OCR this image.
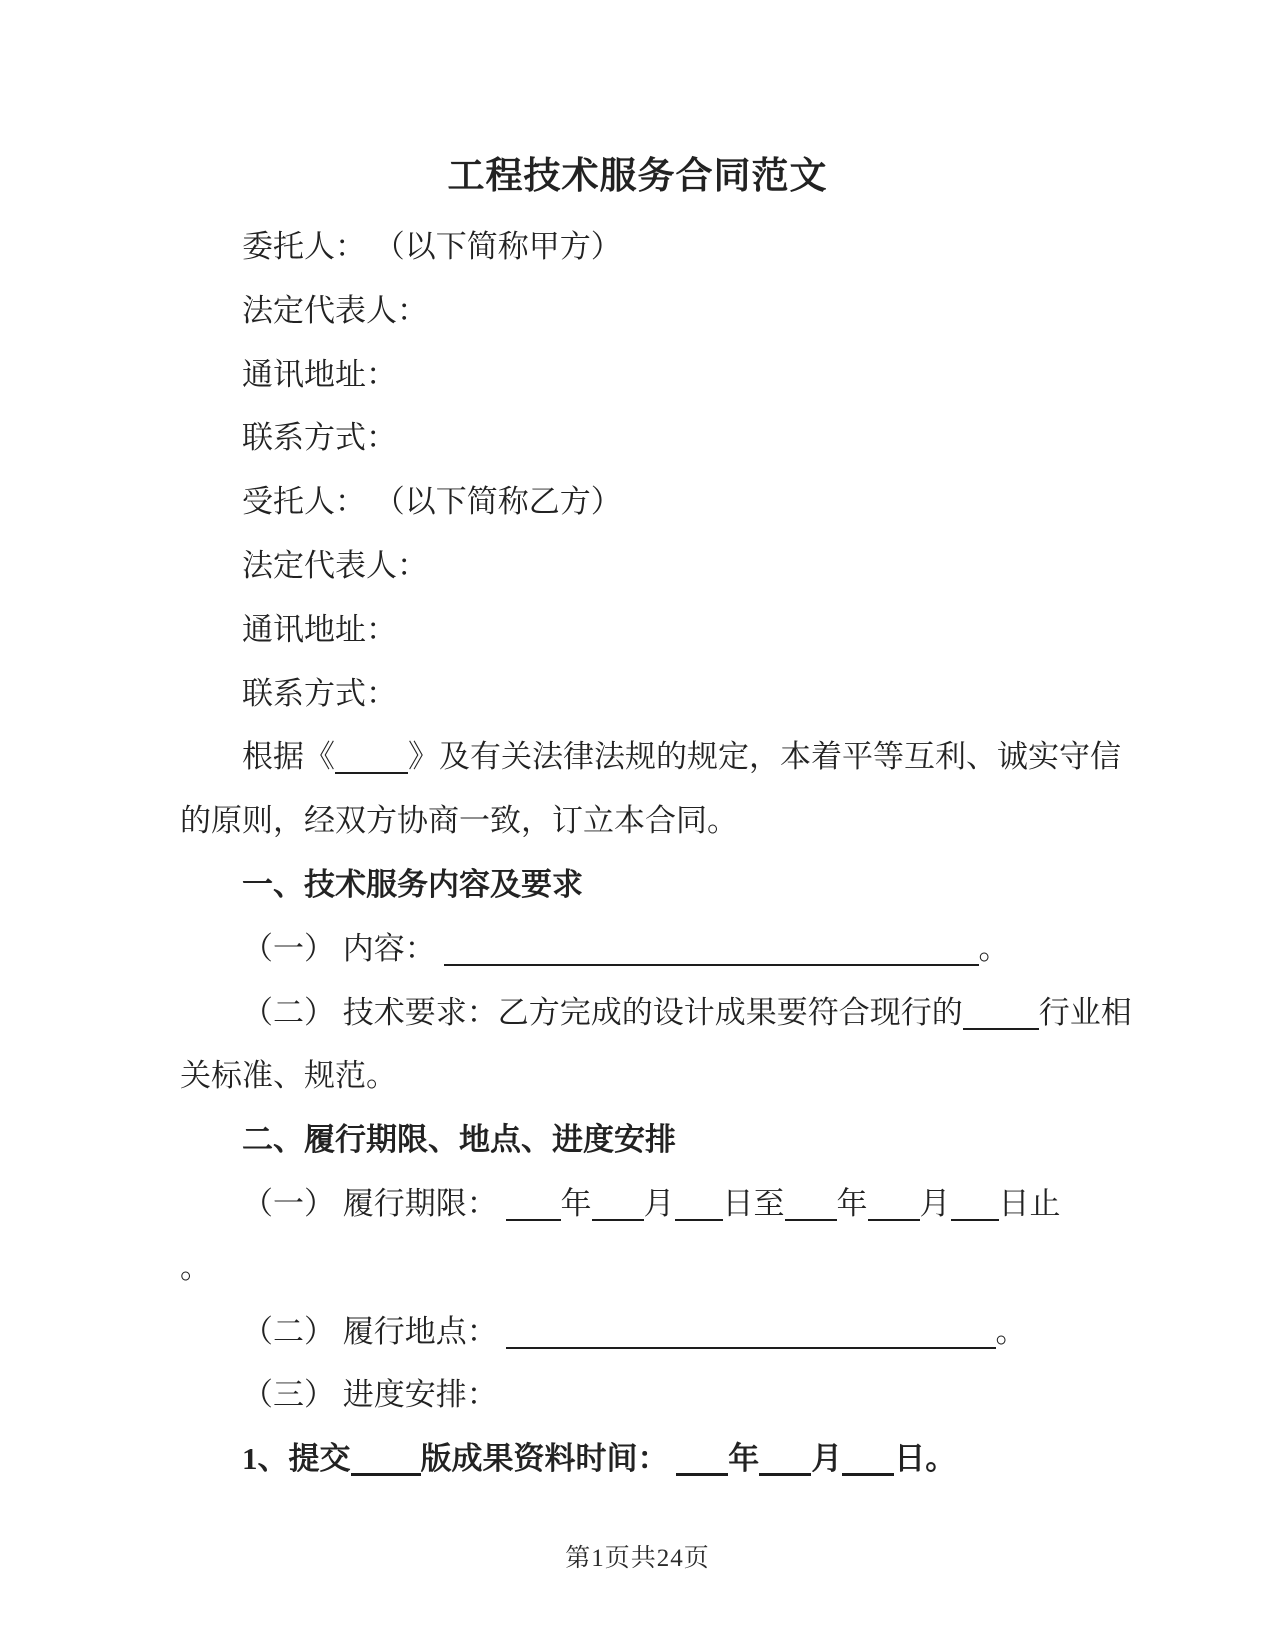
工程技术服务合同范文
委托人： （以下简称甲方）
法定代表人：
通讯地址：
联系方式：
受托人： （以下简称乙方）
法定代表人：
通讯地址：
联系方式：
根据《 》及有关法律法规的规定，本着平等互利、诚实守信
的原则，经双方协商一致，订立本合同。
一、技术服务内容及要求
（一） 内容：	。
（二） 技术要求：乙方完成的设计成果要符合现行的 行业相
关标准、规范。
二、履行期限、地点、进度安排
（一） 履行期限： 年 月 日至 年 月 日止
。
（二） 履行地点：	。
（三） 进度安排：
1、提交 版成果资料时间： 年 月 日。
第1页共24页
